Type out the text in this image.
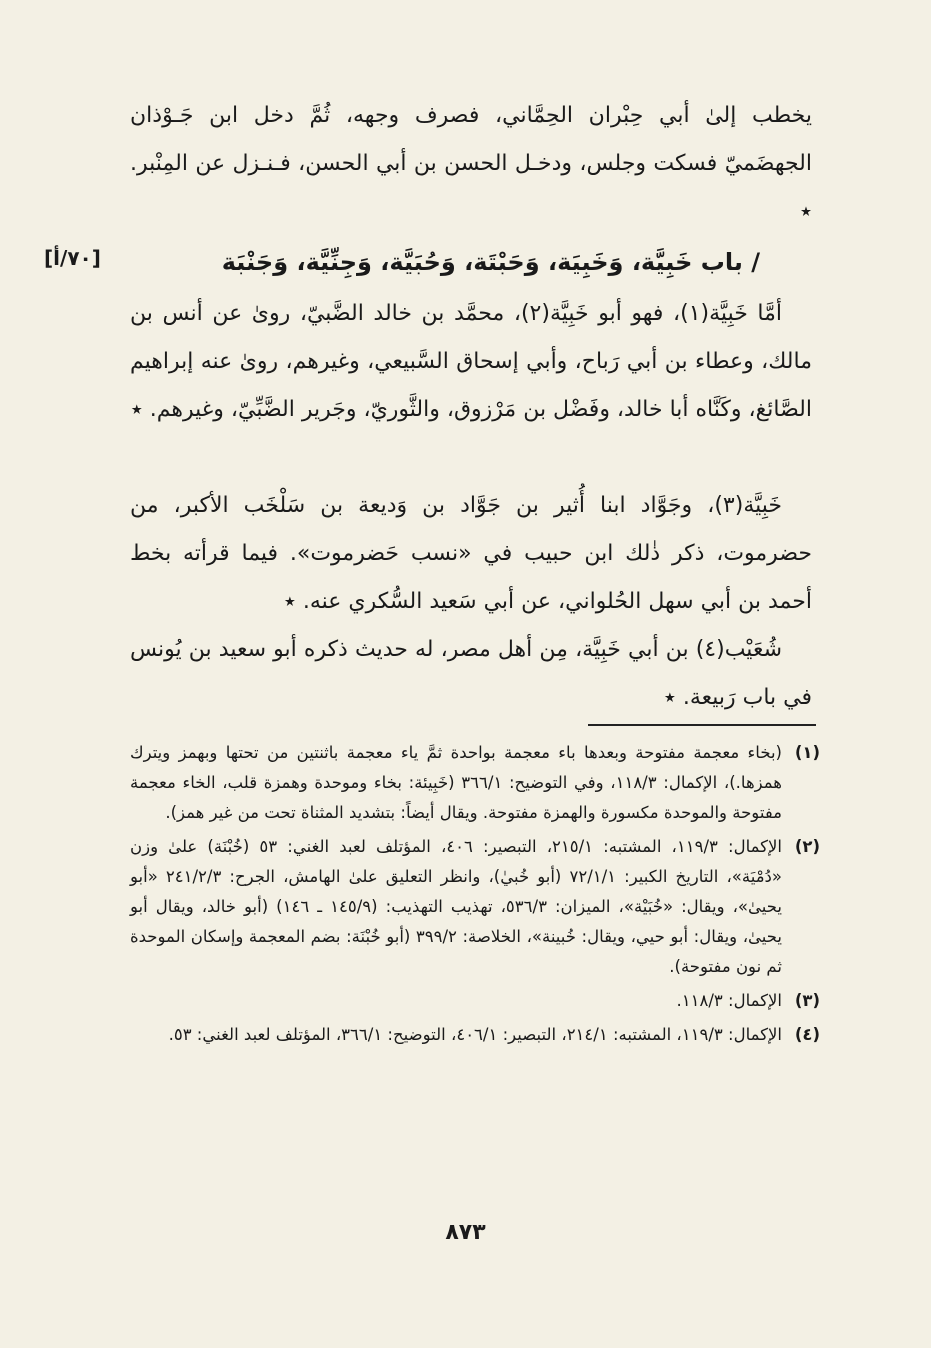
يخطب إلىٰ أبي حِبْران الحِمَّاني، فصرف وجهه، ثُمَّ دخل ابن جَـوْذان الجهضَميّ فسكت وجلس، ودخـل الحسن بن أبي الحسن، فـنـزل عن المِنْبر. ٭

/ باب خَبِيَّة، وَخَبِيَة، وَحَبْتَة، وَحُبَيَّة، وَجِنِّيَّة، وَجَنْبَة
[٧٠/أ]

أمَّا خَبِيَّة(١)، فهو أبو خَبِيَّة(٢)، محمَّد بن خالد الضَّبيّ، روىٰ عن أنس بن مالك، وعطاء بن أبي رَباح، وأبي إسحاق السَّبيعي، وغيرهم، روىٰ عنه إبراهيم الصَّائغ، وكَنَّاه أبا خالد، وفَضْل بن مَرْزوق، والثَّوريّ، وجَرير الضَّبِّيّ، وغيرهم. ٭

خَبِيَّة(٣)، وجَوَّاد ابنا أُثير بن جَوَّاد بن وَديعة بن سَلْخَب الأكبر، من حضرموت، ذكر ذٰلك ابن حبيب في «نسب حَضرموت». فيما قرأته بخط أحمد بن أبي سهل الحُلواني، عن أبي سَعيد السُّكري عنه. ٭

شُعَيْب(٤) بن أبي خَبِيَّة، مِن أهل مصر، له حديث ذكره أبو سعيد بن يُونس في باب رَبيعة. ٭

(١)
(بخاء معجمة مفتوحة وبعدها باء معجمة بواحدة ثمَّ ياء معجمة باثنتين من تحتها وبهمز ويترك همزها.)، الإكمال: ١١٨/٣، وفي التوضيح: ٣٦٦/١ (خَبِيئة: بخاء وموحدة وهمزة قلب، الخاء معجمة مفتوحة والموحدة مكسورة والهمزة مفتوحة. ويقال أيضاً: بتشديد المثناة تحت من غير همز).
(٢)
الإكمال: ١١٩/٣، المشتبه: ٢١٥/١، التبصير: ٤٠٦، المؤتلف لعبد الغني: ٥٣ (خُبْنَة) علىٰ وزن «دُمْيَة»، التاريخ الكبير: ٧٢/١/١ (أبو خُبيٰ)، وانظر التعليق علىٰ الهامش، الجرح: ٢٤١/٢/٣ «أبو يحيىٰ»، ويقال: «خُبَيْة»، الميزان: ٥٣٦/٣، تهذيب التهذيب: (١٤٥/٩ ـ ١٤٦) (أبو خالد، ويقال أبو يحيىٰ، ويقال: أبو حيي، ويقال: خُبينة»، الخلاصة: ٣٩٩/٢ (أبو خُبْنَة: بضم المعجمة وإسكان الموحدة ثم نون مفتوحة).
(٣)
الإكمال: ١١٨/٣.
(٤)
الإكمال: ١١٩/٣، المشتبه: ٢١٤/١، التبصير: ٤٠٦/١، التوضيح: ٣٦٦/١، المؤتلف لعبد الغني: ٥٣.
٨٧٣
